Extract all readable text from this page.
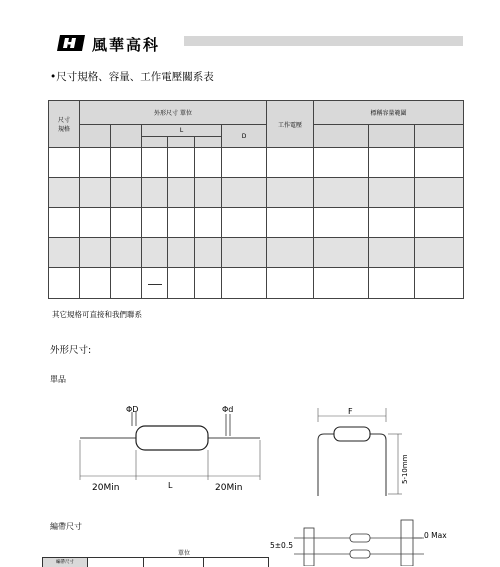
風華高科
•尺寸規格、容量、工作電壓關系表
尺寸
規格	外形尺寸 單位						工作電壓	標稱容量範圍		
			L			D				

其它規格可直接和我們聯系
外形尺寸:
單品
ΦD	Φd
20Min	L	20Min
F
5-10mm
編帶尺寸
5±0.5
0 Max
單位
編帶尺寸
